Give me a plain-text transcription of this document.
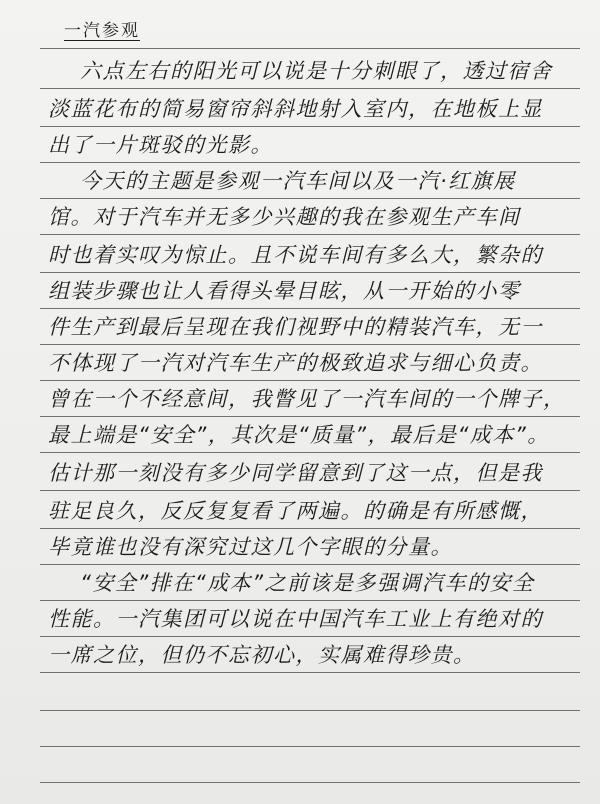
一汽参观
六点左右的阳光可以说是十分刺眼了，透过宿舍
淡蓝花布的简易窗帘斜斜地射入室内，在地板上显
出了一片斑驳的光影。
今天的主题是参观一汽车间以及一汽·红旗展
馆。对于汽车并无多少兴趣的我在参观生产车间
时也着实叹为惊止。且不说车间有多么大，繁杂的
组装步骤也让人看得头晕目眩，从一开始的小零
件生产到最后呈现在我们视野中的精装汽车，无一
不体现了一汽对汽车生产的极致追求与细心负责。
曾在一个不经意间，我瞥见了一汽车间的一个牌子，
最上端是“安全”，其次是“质量”，最后是“成本”。
估计那一刻没有多少同学留意到了这一点，但是我
驻足良久，反反复复看了两遍。的确是有所感慨，
毕竟谁也没有深究过这几个字眼的分量。
“安全”排在“成本”之前该是多强调汽车的安全
性能。一汽集团可以说在中国汽车工业上有绝对的
一席之位，但仍不忘初心，实属难得珍贵。
